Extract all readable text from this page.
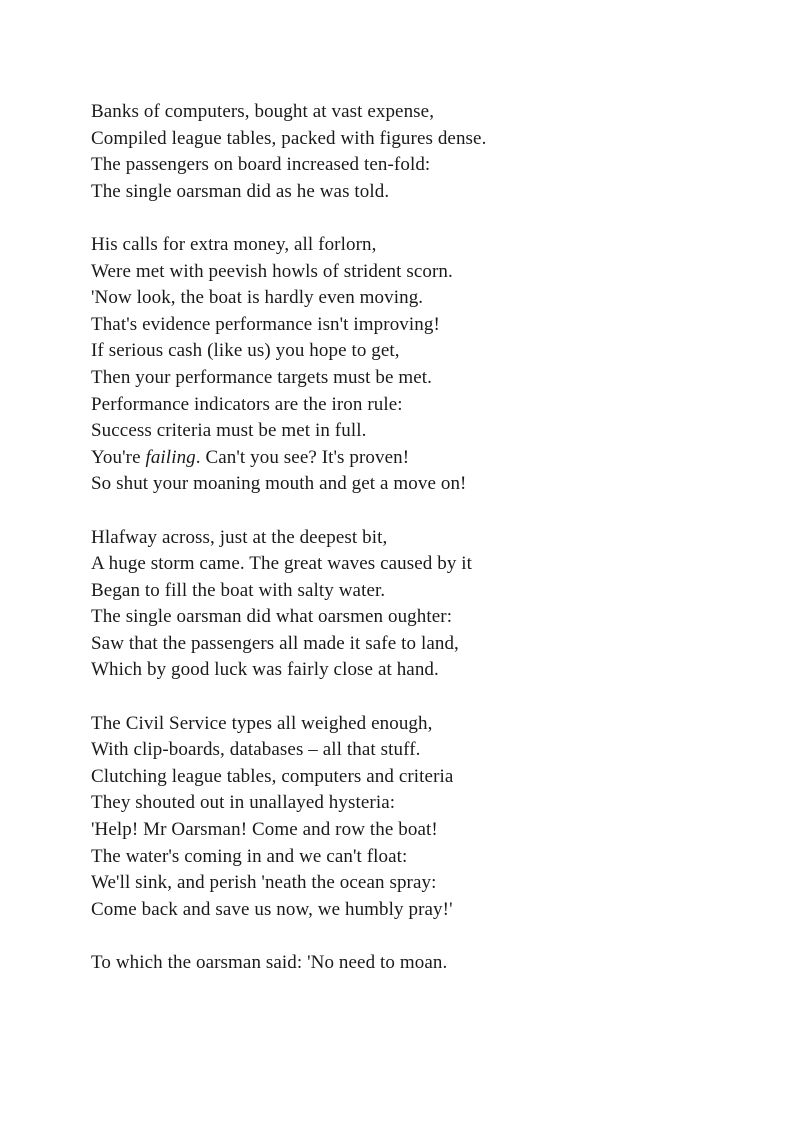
Banks of computers, bought at vast expense,
Compiled league tables, packed with figures dense.
The passengers on board increased ten-fold:
The single oarsman did as he was told.
His calls for extra money, all forlorn,
Were met with peevish howls of strident scorn.
'Now look, the boat is hardly even moving.
That's evidence performance isn't improving!
If serious cash (like us) you hope to get,
Then your performance targets must be met.
Performance indicators are the iron rule:
Success criteria must be met in full.
You're failing. Can't you see? It's proven!
So shut your moaning mouth and get a move on!
Hlafway across, just at the deepest bit,
A huge storm came. The great waves caused by it
Began to fill the boat with salty water.
The single oarsman did what oarsmen oughter:
Saw that the passengers all made it safe to land,
Which by good luck was fairly close at hand.
The Civil Service types all weighed enough,
With clip-boards, databases – all that stuff.
Clutching league tables, computers and criteria
They shouted out in unallayed hysteria:
'Help! Mr Oarsman! Come and row the boat!
The water's coming in and we can't float:
We'll sink, and perish 'neath the ocean spray:
Come back and save us now, we humbly pray!'
To which the oarsman said: 'No need to moan.
